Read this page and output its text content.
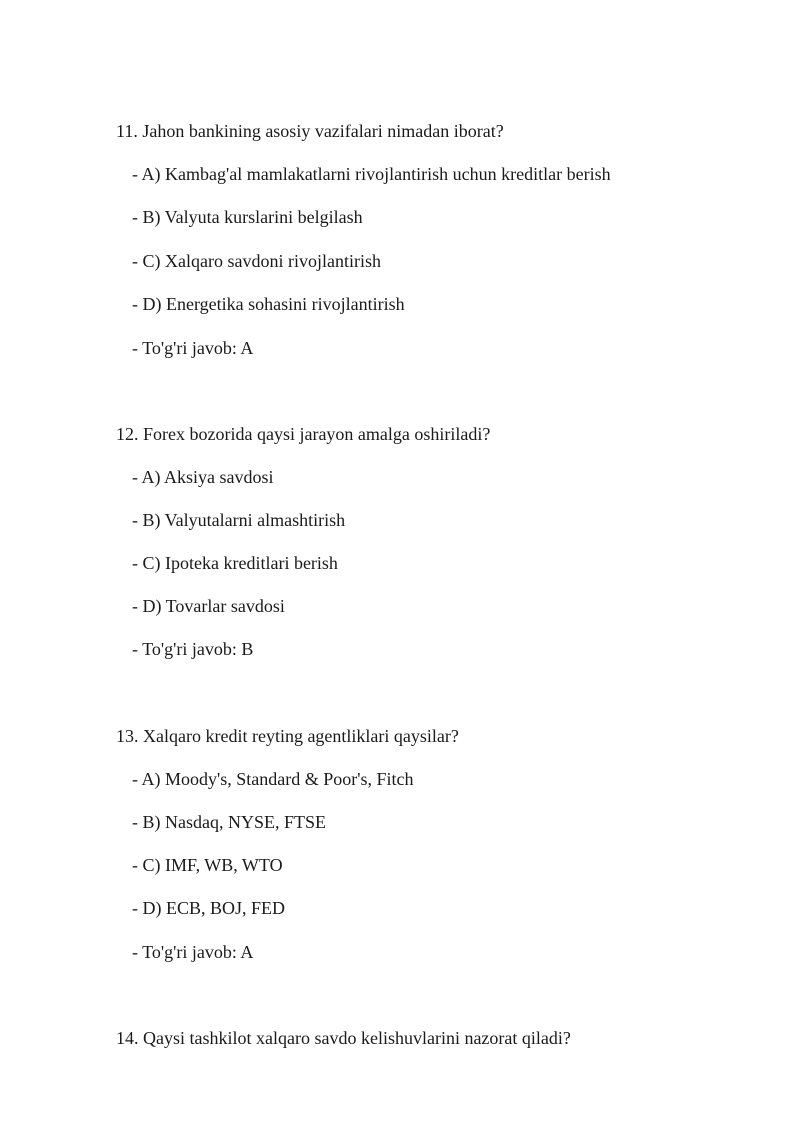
11. Jahon bankining asosiy vazifalari nimadan iborat?
- A) Kambag'al mamlakatlarni rivojlantirish uchun kreditlar berish
- B) Valyuta kurslarini belgilash
- C) Xalqaro savdoni rivojlantirish
- D) Energetika sohasini rivojlantirish
- To'g'ri javob: A
12. Forex bozorida qaysi jarayon amalga oshiriladi?
- A) Aksiya savdosi
- B) Valyutalarni almashtirish
- C) Ipoteka kreditlari berish
- D) Tovarlar savdosi
- To'g'ri javob: B
13. Xalqaro kredit reyting agentliklari qaysilar?
- A) Moody's, Standard & Poor's, Fitch
- B) Nasdaq, NYSE, FTSE
- C) IMF, WB, WTO
- D) ECB, BOJ, FED
- To'g'ri javob: A
14. Qaysi tashkilot xalqaro savdo kelishuvlarini nazorat qiladi?
